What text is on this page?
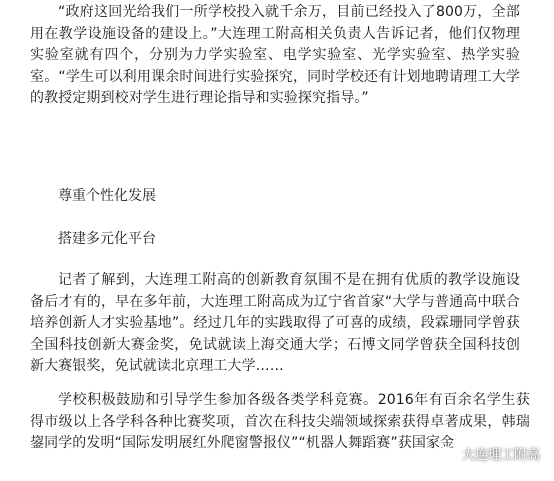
“政府这回光给我们一所学校投入就千余万，目前已经投入了800万，全部用在教学设施设备的建设上。”大连理工附高相关负责人告诉记者，他们仅物理实验室就有四个，分别为力学实验室、电学实验室、光学实验室、热学实验室。“学生可以利用课余时间进行实验探究，同时学校还有计划地聘请理工大学的教授定期到校对学生进行理论指导和实验探究指导。”

尊重个性化发展

搭建多元化平台

记者了解到，大连理工附高的创新教育氛围不是在拥有优质的教学设施设备后才有的，早在多年前，大连理工附高成为辽宁省首家“大学与普通高中联合培养创新人才实验基地”。经过几年的实践取得了可喜的成绩，段霖珊同学曾获全国科技创新大赛金奖，免试就读上海交通大学；石博文同学曾获全国科技创新大赛银奖，免试就读北京理工大学……

学校积极鼓励和引导学生参加各级各类学科竞赛。2016年有百余名学生获得市级以上各学科各种比赛奖项，首次在科技尖端领域探索获得卓著成果，韩瑞鋆同学的发明“国际发明展红外爬窗警报仪”“机器人舞蹈赛”获国家金

大连理工附高
